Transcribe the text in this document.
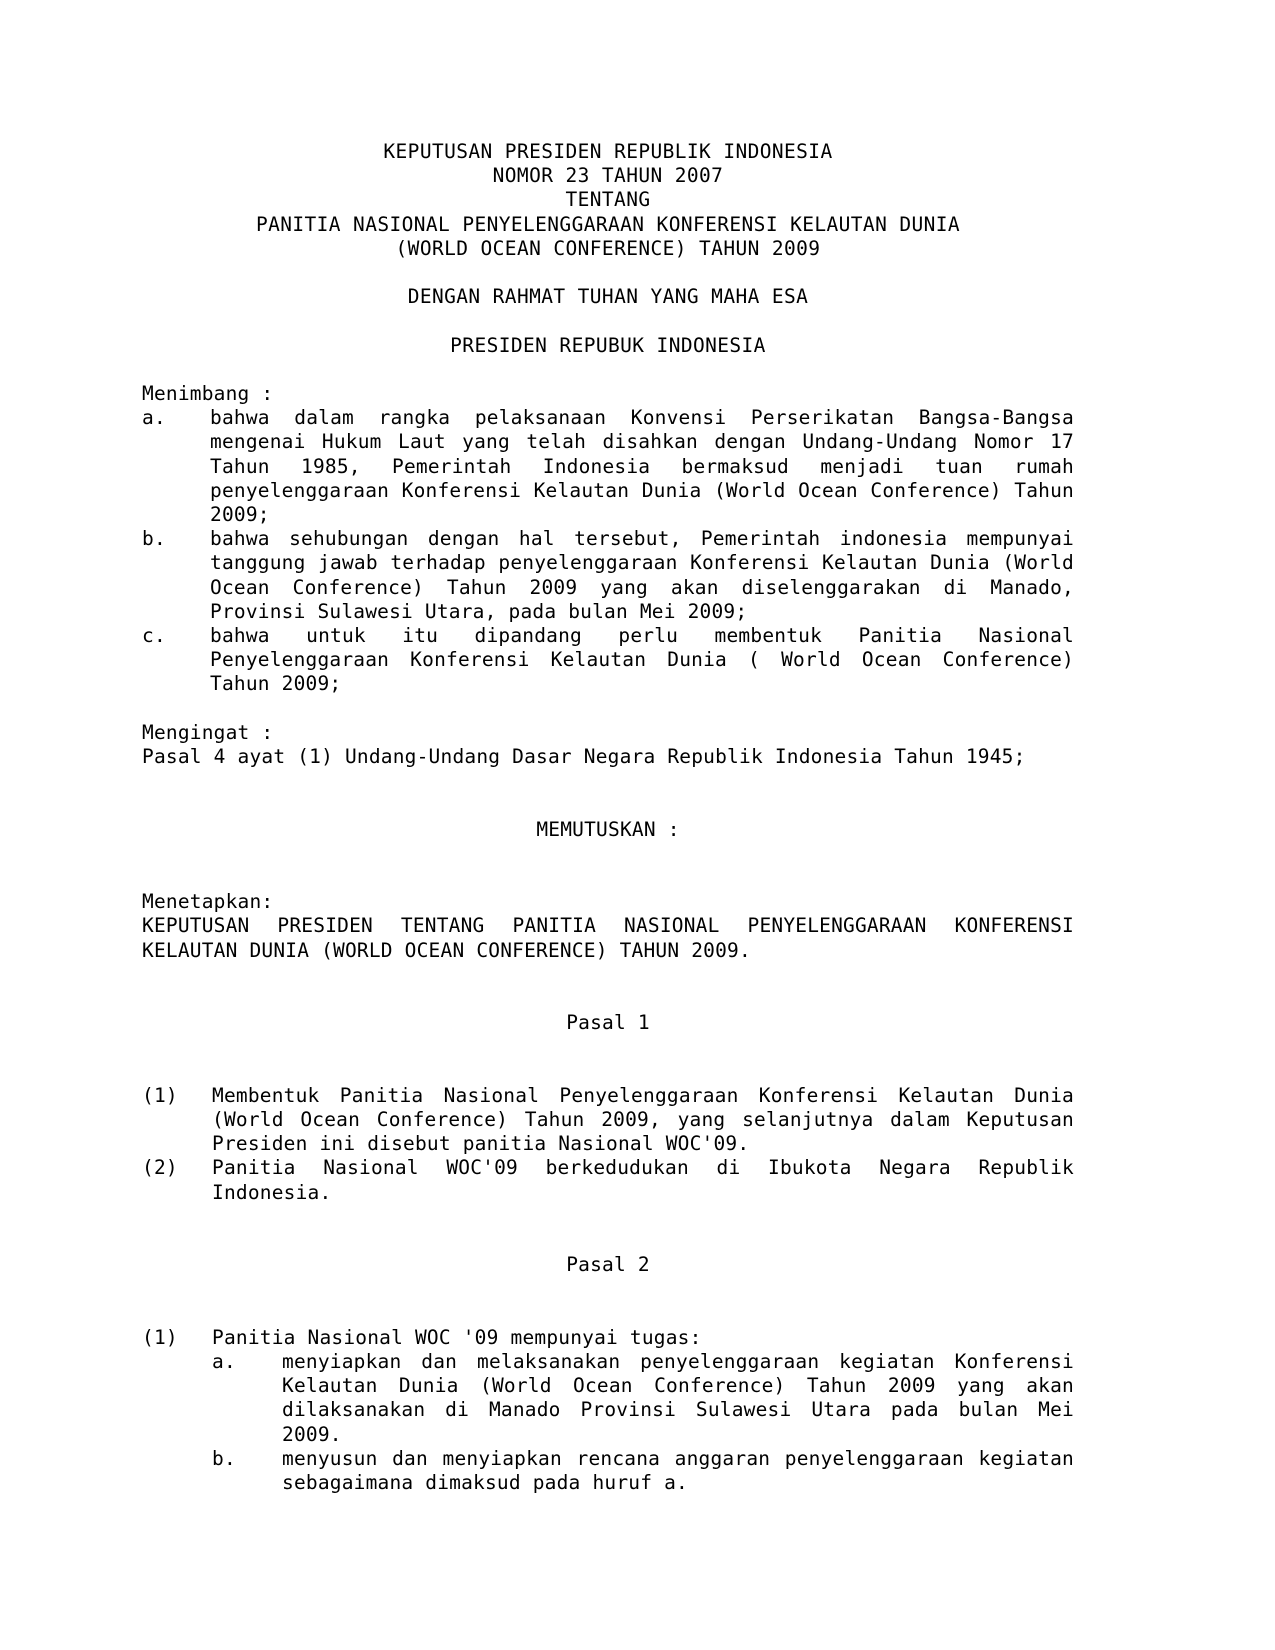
KEPUTUSAN PRESIDEN REPUBLIK INDONESIA
NOMOR 23 TAHUN 2007
TENTANG
PANITIA NASIONAL PENYELENGGARAAN KONFERENSI KELAUTAN DUNIA
(WORLD OCEAN CONFERENCE) TAHUN 2009
DENGAN RAHMAT TUHAN YANG MAHA ESA
PRESIDEN REPUBUK INDONESIA
Menimbang :
a.	bahwa dalam rangka pelaksanaan Konvensi Perserikatan Bangsa-Bangsa mengenai Hukum Laut yang telah disahkan dengan Undang-Undang Nomor 17 Tahun 1985, Pemerintah Indonesia bermaksud menjadi tuan rumah penyelenggaraan Konferensi Kelautan Dunia (World Ocean Conference) Tahun 2009;
b.	bahwa sehubungan dengan hal tersebut, Pemerintah indonesia mempunyai tanggung jawab terhadap penyelenggaraan Konferensi Kelautan Dunia (World Ocean Conference) Tahun 2009 yang akan diselenggarakan di Manado, Provinsi Sulawesi Utara, pada bulan Mei 2009;
c.	bahwa untuk itu dipandang perlu membentuk Panitia Nasional Penyelenggaraan Konferensi Kelautan Dunia ( World Ocean Conference) Tahun 2009;
Mengingat :
Pasal 4 ayat (1) Undang-Undang Dasar Negara Republik Indonesia Tahun 1945;
MEMUTUSKAN :
Menetapkan:
KEPUTUSAN PRESIDEN TENTANG PANITIA NASIONAL PENYELENGGARAAN KONFERENSI KELAUTAN DUNIA (WORLD OCEAN CONFERENCE) TAHUN 2009.
Pasal 1
(1)	Membentuk Panitia Nasional Penyelenggaraan Konferensi Kelautan Dunia (World Ocean Conference) Tahun 2009, yang selanjutnya dalam Keputusan Presiden ini disebut panitia Nasional WOC'09.
(2)	Panitia Nasional WOC'09 berkedudukan di Ibukota Negara Republik Indonesia.
Pasal 2
(1)	Panitia Nasional WOC '09 mempunyai tugas:
a.	menyiapkan dan melaksanakan penyelenggaraan kegiatan Konferensi Kelautan Dunia (World Ocean Conference) Tahun 2009 yang akan dilaksanakan di Manado Provinsi Sulawesi Utara pada bulan Mei 2009.
b.	menyusun dan menyiapkan rencana anggaran penyelenggaraan kegiatan sebagaimana dimaksud pada huruf a.
